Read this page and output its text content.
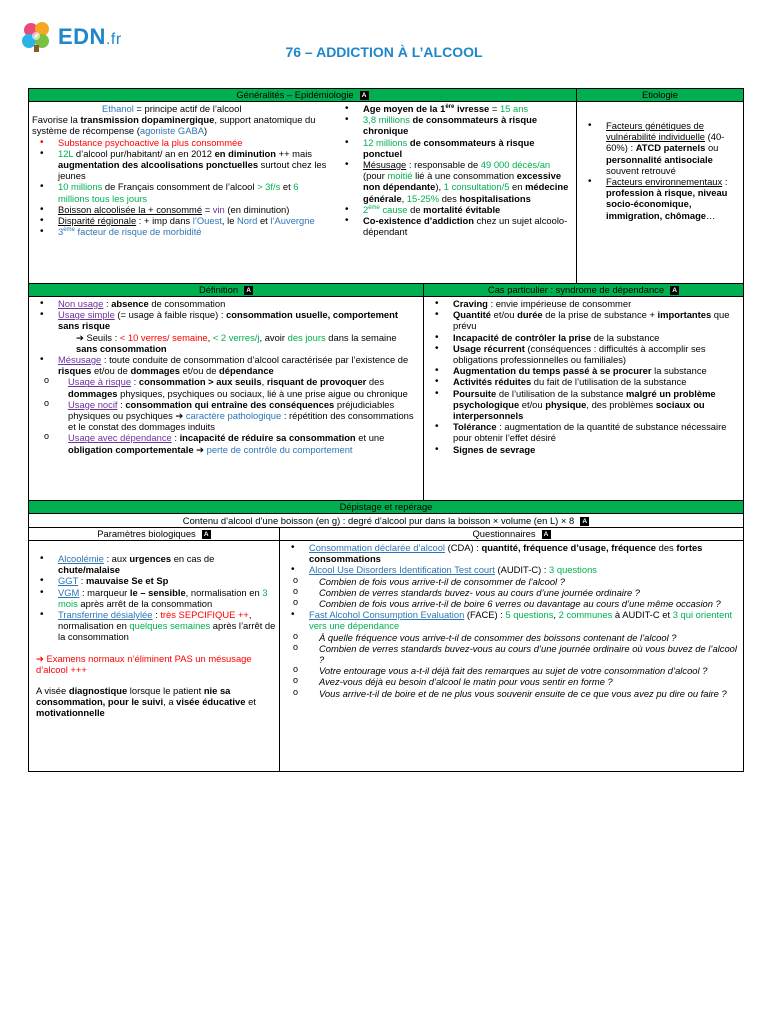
EDN.fr
76 – ADDICTION À L’ALCOOL
Généralités – Epidémiologie A	Etiologie
Ethanol = principe actif de l’alcool
Favorise la transmission dopaminergique, support anatomique du système de récompense (agoniste GABA)
• Substance psychoactive la plus consommée
• 12L d’alcool pur/habitant/ an en 2012 en diminution ++ mais augmentation des alcoolisations ponctuelles surtout chez les jeunes
• 10 millions de Français consomment de l’alcool > 3f/s et 6 millions tous les jours
• Boisson alcoolisée la + consommé = vin (en diminution)
• Disparité régionale : + imp dans l’Ouest, le Nord et l’Auvergne
• 3ème facteur de risque de morbidité
• Age moyen de la 1ère ivresse = 15 ans
• 3,8 millions de consommateurs à risque chronique
• 12 millions de consommateurs à risque ponctuel
• Mésusage : responsable de 49 000 décès/an (pour moitié lié à une consommation excessive non dépendante), 1 consultation/5 en médecine générale, 15-25% des hospitalisations
• 2ème cause de mortalité évitable
• Co-existence d’addiction chez un sujet alcoolo-dépendant
• Facteurs génétiques de vulnérabilité individuelle (40-60%) : ATCD paternels ou personnalité antisociale souvent retrouvé
• Facteurs environnementaux : profession à risque, niveau socio-économique, immigration, chômage…
Définition A	Cas particulier : syndrome de dépendance A
• Non usage : absence de consommation
• Usage simple (= usage à faible risque) : consommation usuelle, comportement sans risque
➔ Seuils : < 10 verres/ semaine, < 2 verres/j, avoir des jours dans la semaine sans consommation
• Mésusage : toute conduite de consommation d’alcool caractérisée par l’existence de risques et/ou de dommages et/ou de dépendance
o Usage à risque : consommation > aux seuils, risquant de provoquer des dommages physiques, psychiques ou sociaux, lié à une prise aigue ou chronique
o Usage nocif : consommation qui entraîne des conséquences préjudiciables physiques ou psychiques ➔ caractère pathologique : répétition des consommations et le constat des dommages induits
o Usage avec dépendance : incapacité de réduire sa consommation et une obligation comportementale ➔ perte de contrôle du comportement
• Craving : envie impérieuse de consommer
• Quantité et/ou durée de la prise de substance + importantes que prévu
• Incapacité de contrôler la prise de la substance
• Usage récurrent (conséquences : difficultés à accomplir ses obligations professionnelles ou familiales)
• Augmentation du temps passé à se procurer la substance
• Activités réduites du fait de l’utilisation de la substance
• Poursuite de l’utilisation de la substance malgré un problème psychologique et/ou physique, des problèmes sociaux ou interpersonnels
• Tolérance : augmentation de la quantité de substance nécessaire pour obtenir l’effet désiré
• Signes de sevrage
Dépistage et repérage
Contenu d’alcool d’une boisson (en g) : degré d’alcool pur dans la boisson × volume (en L) × 8 A
Paramètres biologiques A	Questionnaires A
• Alcoolémie : aux urgences en cas de chute/malaise
• GGT : mauvaise Se et Sp
• VGM : marqueur le – sensible, normalisation en 3 mois après arrêt de la consommation
• Transferrine désialylée : très SEPCIFIQUE ++, normalisation en quelques semaines après l’arrêt de la consommation
➔ Examens normaux n’éliminent PAS un mésusage d’alcool +++
A visée diagnostique lorsque le patient nie sa consommation, pour le suivi, a visée éducative et motivationnelle
• Consommation déclarée d’alcool (CDA) : quantité, fréquence d’usage, fréquence des fortes consommations
• Alcool Use Disorders Identification Test court (AUDIT-C) : 3 questions
o Combien de fois vous arrive-t-il de consommer de l’alcool ?
o Combien de verres standards buvez- vous au cours d’une journée ordinaire ?
o Combien de fois vous arrive-t-il de boire 6 verres ou davantage au cours d’une même occasion ?
• Fast Alcohol Consumption Evaluation (FACE) : 5 questions, 2 communes à AUDIT-C et 3 qui orientent vers une dépendance
o À quelle fréquence vous arrive-t-il de consommer des boissons contenant de l’alcool ?
o Combien de verres standards buvez-vous au cours d’une journée ordinaire où vous buvez de l’alcool ?
o Votre entourage vous a-t-il déjà fait des remarques au sujet de votre consommation d’alcool ?
o Avez-vous déjà eu besoin d’alcool le matin pour vous sentir en forme ?
o Vous arrive-t-il de boire et de ne plus vous souvenir ensuite de ce que vous avez pu dire ou faire ?
